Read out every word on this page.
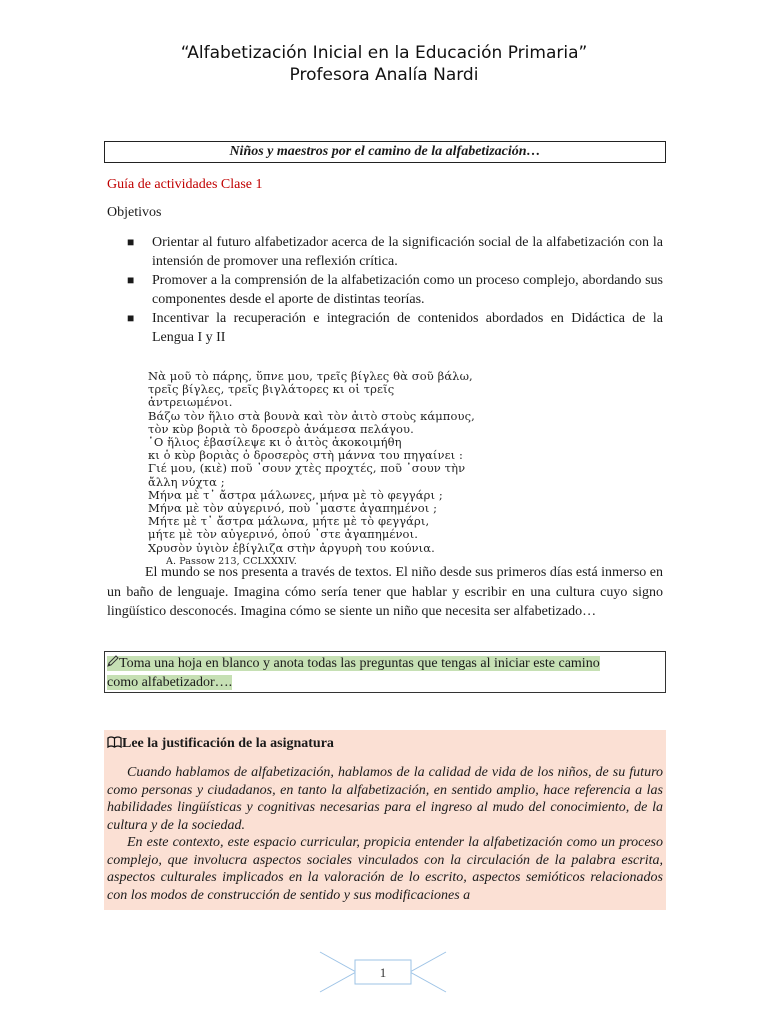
“Alfabetización Inicial en la Educación Primaria”
Profesora Analía Nardi
Niños y maestros por el camino de la alfabetización…
Guía de actividades Clase 1
Objetivos
■ Orientar al futuro alfabetizador acerca de la significación social de la alfabetización con la intensión de promover una reflexión crítica.
■ Promover a la comprensión de la alfabetización como un proceso complejo, abordando sus componentes desde el aporte de distintas teorías.
■ Incentivar la recuperación e integración de contenidos abordados en Didáctica de la Lengua I y II
Νὰ μοῦ τὸ πάρης, ὕπνε μου, τρεῖς βίγλες θὰ σοῦ βάλω,
τρεῖς βίγλες, τρεῖς βιγλάτορες κι οἱ τρεῖς ἀντρειωμένοι.
Βάζω τὸν ἥλιο στὰ βουνὰ καὶ τὸν ἀιτὸ στοὺς κάμπους,
τὸν κὺρ βοριὰ τὸ δροσερὸ ἀνάμεσα πελάγου.
῾Ο ἥλιος ἐβασίλεψε κι ὁ ἀιτὸς ἀκοκοιμήθη
κι ὁ κὺρ βοριὰς ὁ δροσερὸς στὴ μάννα του πηγαίνει :
Γιέ μου, (κιὲ) ποῦ ᾽σουν χτὲς προχτές, ποῦ ᾽σουν τὴν ἄλλη νύχτα ;
Μήνα μὲ τ᾽ ἄστρα μάλωνες, μήνα μὲ τὸ φεγγάρι ;
Μήνα μὲ τὸν αὐγερινό, ποὺ ᾽μαστε ἀγαπημένοι ;
Μήτε μὲ τ᾽ ἄστρα μάλωνα, μήτε μὲ τὸ φεγγάρι,
μήτε μὲ τὸν αὐγερινό, ὁπού ᾽στε ἀγαπημένοι.
Χρυσὸν ὑγιὸν ἐβίγλιζα στὴν ἀργυρὴ του κούνια.
A. Passow 213, CCLXXXIV.
El mundo se nos presenta a través de textos. El niño desde sus primeros días está inmerso en un baño de lenguaje. Imagina cómo sería tener que hablar y escribir en una cultura cuyo signo lingüístico desconocés. Imagina cómo se siente un niño que necesita ser alfabetizado…
Toma una hoja en blanco y anota todas las preguntas que tengas al iniciar este camino
como alfabetizador….
Lee la justificación de la asignatura

Cuando hablamos de alfabetización, hablamos de la calidad de vida de los niños, de su futuro como personas y ciudadanos, en tanto la alfabetización, en sentido amplio, hace referencia a las habilidades lingüísticas y cognitivas necesarias para el ingreso al mudo del conocimiento, de la cultura y de la sociedad.

En este contexto, este espacio curricular, propicia entender la alfabetización como un proceso complejo, que involucra aspectos sociales vinculados con la circulación de la palabra escrita, aspectos culturales implicados en la valoración de lo escrito, aspectos semióticos relacionados con los modos de construcción de sentido y sus modificaciones a

1
